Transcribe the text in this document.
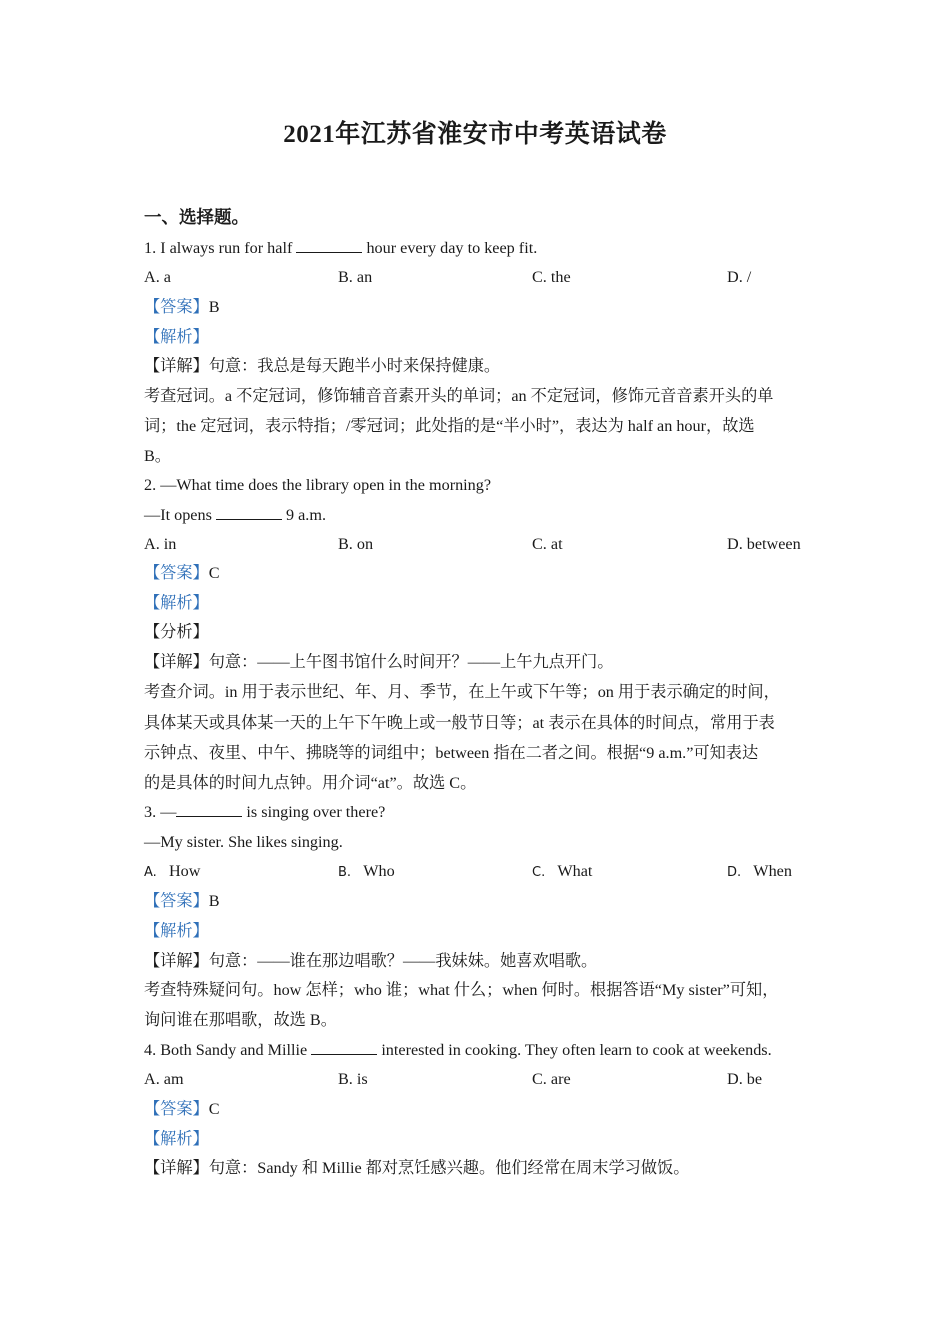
2021年江苏省淮安市中考英语试卷
一、选择题。
1. I always run for half	hour every day to keep fit.
A. a	B. an	C. the	D. /
【答案】B
【解析】
【详解】句意：我总是每天跑半小时来保持健康。
考查冠词。a 不定冠词，修饰辅音音素开头的单词；an 不定冠词，修饰元音音素开头的单
词；the 定冠词，表示特指；/零冠词；此处指的是“半小时”，表达为 half an hour，故选
B。
2. —What time does the library open in the morning?
—It opens	9 a.m.
A. in	B. on	C. at	D. between
【答案】C
【解析】
【分析】
【详解】句意：——上午图书馆什么时间开？——上午九点开门。
考查介词。in 用于表示世纪、年、月、季节，在上午或下午等；on 用于表示确定的时间，
具体某天或具体某一天的上午下午晚上或一般节日等；at 表示在具体的时间点，常用于表
示钟点、夜里、中午、拂晓等的词组中；between 指在二者之间。根据“9 a.m.”可知表达
的是具体的时间九点钟。用介词“at”。故选 C。
3. —	is singing over there?
—My sister. She likes singing.
A. How	B. Who	C. What	D. When
【答案】B
【解析】
【详解】句意：——谁在那边唱歌？——我妹妹。她喜欢唱歌。
考查特殊疑问句。how 怎样；who 谁；what 什么；when 何时。根据答语“My sister”可知，
询问谁在那唱歌，故选 B。
4. Both Sandy and Millie	interested in cooking. They often learn to cook at weekends.
A. am	B. is	C. are	D. be
【答案】C
【解析】
【详解】句意：Sandy 和 Millie 都对烹饪感兴趣。他们经常在周末学习做饭。
